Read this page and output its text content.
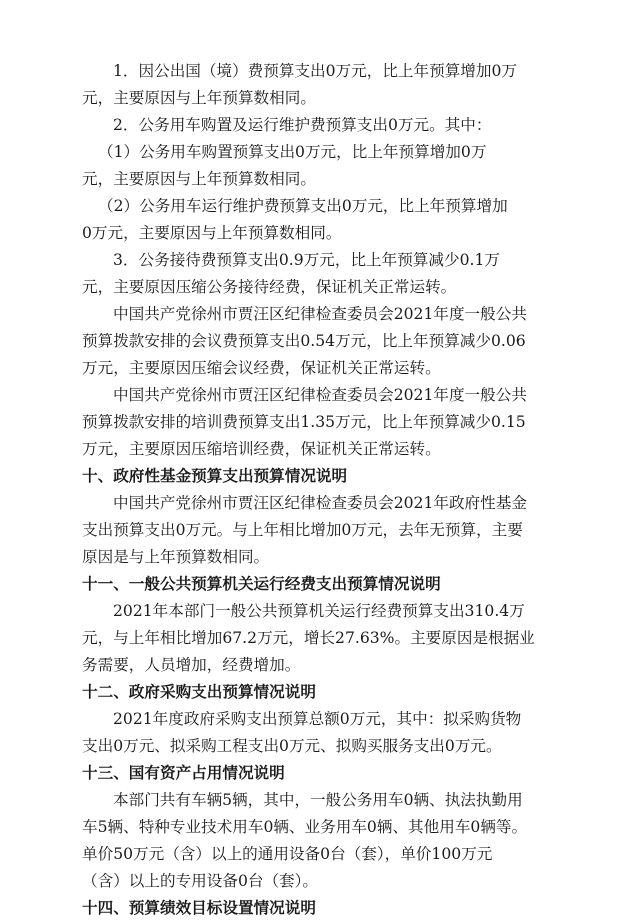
1．因公出国（境）费预算支出0万元，比上年预算增加0万
元，主要原因与上年预算数相同。
2．公务用车购置及运行维护费预算支出0万元。其中：
（1）公务用车购置预算支出0万元，比上年预算增加0万
元，主要原因与上年预算数相同。
（2）公务用车运行维护费预算支出0万元，比上年预算增加
0万元，主要原因与上年预算数相同。
3．公务接待费预算支出0.9万元，比上年预算减少0.1万
元，主要原因压缩公务接待经费，保证机关正常运转。
中国共产党徐州市贾汪区纪律检查委员会2021年度一般公共
预算拨款安排的会议费预算支出0.54万元，比上年预算减少0.06
万元，主要原因压缩会议经费，保证机关正常运转。
中国共产党徐州市贾汪区纪律检查委员会2021年度一般公共
预算拨款安排的培训费预算支出1.35万元，比上年预算减少0.15
万元，主要原因压缩培训经费，保证机关正常运转。
十、政府性基金预算支出预算情况说明
中国共产党徐州市贾汪区纪律检查委员会2021年政府性基金
支出预算支出0万元。与上年相比增加0万元，去年无预算，主要
原因是与上年预算数相同。
十一、一般公共预算机关运行经费支出预算情况说明
2021年本部门一般公共预算机关运行经费预算支出310.4万
元，与上年相比增加67.2万元，增长27.63%。主要原因是根据业
务需要，人员增加，经费增加。
十二、政府采购支出预算情况说明
2021年度政府采购支出预算总额0万元，其中：拟采购货物
支出0万元、拟采购工程支出0万元、拟购买服务支出0万元。
十三、国有资产占用情况说明
本部门共有车辆5辆，其中，一般公务用车0辆、执法执勤用
车5辆、特种专业技术用车0辆、业务用车0辆、其他用车0辆等。
单价50万元（含）以上的通用设备0台（套），单价100万元
（含）以上的专用设备0台（套）。
十四、预算绩效目标设置情况说明
